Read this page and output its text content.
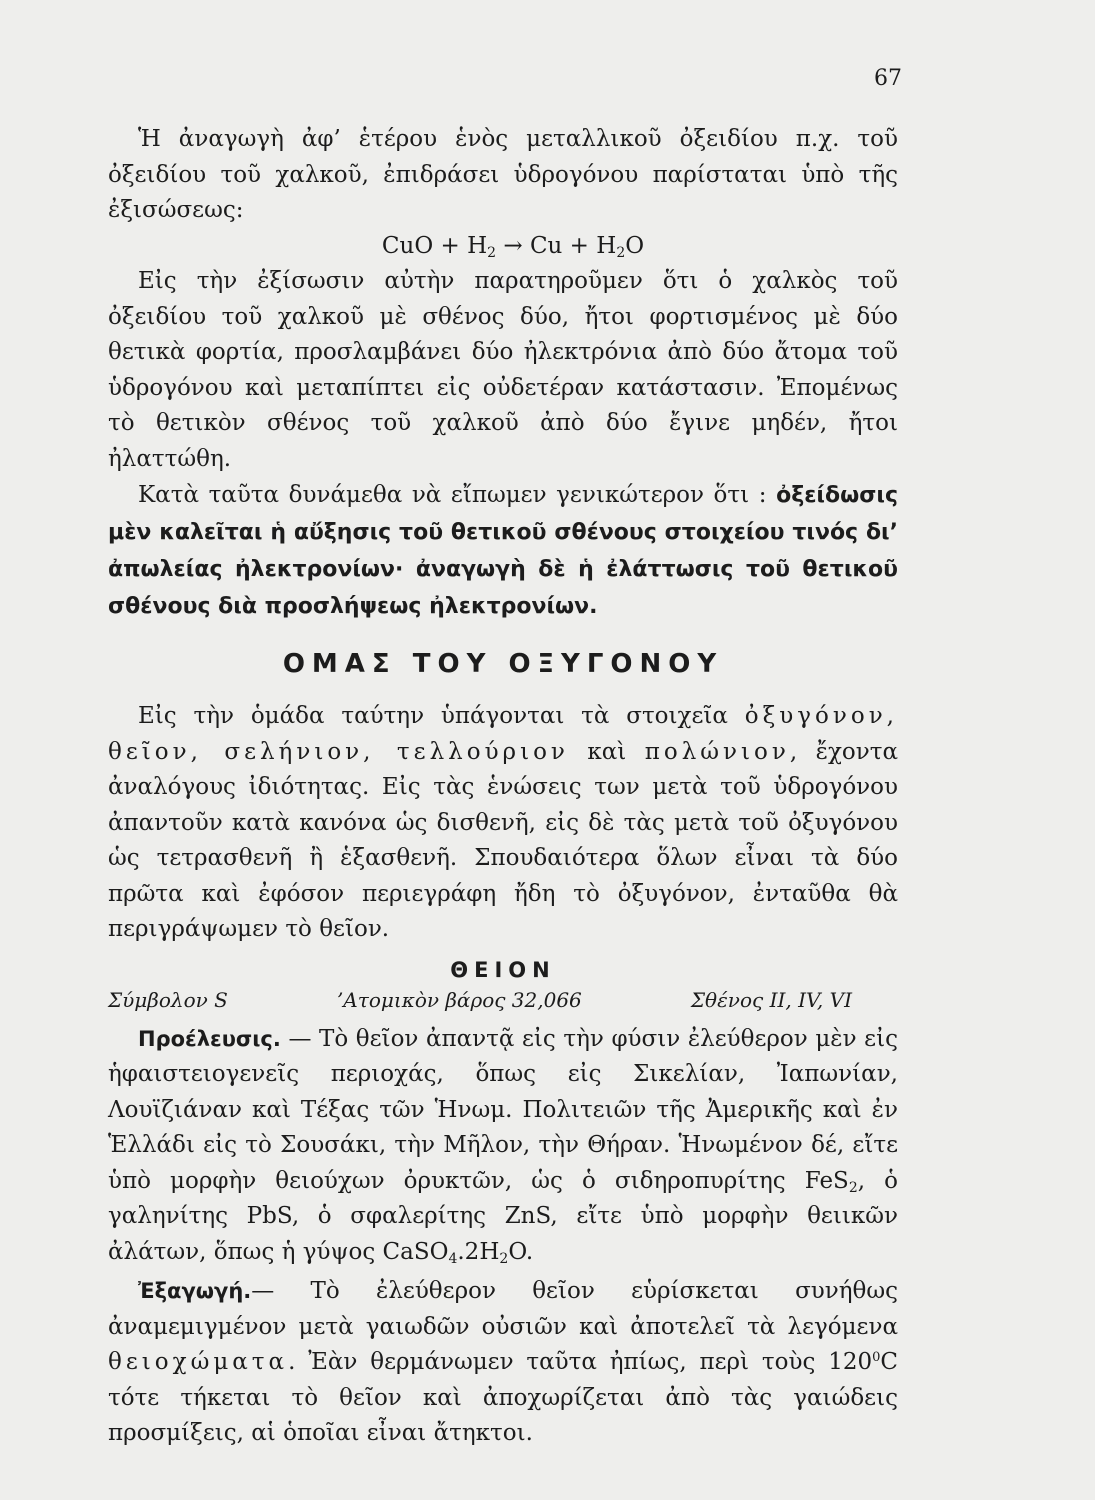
67

Ἡ ἀναγωγὴ ἀφ’ ἑτέρου ἑνὸς μεταλλικοῦ ὀξειδίου π.χ. τοῦ ὀξειδίου τοῦ χαλκοῦ, ἐπιδράσει ὑδρογόνου παρίσταται ὑπὸ τῆς ἐξισώσεως:

CuO + $H_2 \to Cu + H_2O$

Εἰς τὴν ἐξίσωσιν αὐτὴν παρατηροῦμεν ὅτι ὁ χαλκὸς τοῦ ὀξειδίου τοῦ χαλκοῦ μὲ σθένος δύο, ἤτοι φορτισμένος μὲ δύο θετικὰ φορτία, προσλαμβάνει δύο ἠλεκτρόνια ἀπὸ δύο ἄτομα τοῦ ὑδρογόνου καὶ μεταπίπτει εἰς οὐδετέραν κατάστασιν. Ἐπομένως τὸ θετικὸν σθένος τοῦ χαλκοῦ ἀπὸ δύο ἔγινε μηδέν, ἤτοι ἠλαττώθη.

Κατὰ ταῦτα δυνάμεθα νὰ εἴπωμεν γενικώτερον ὅτι : ὀξείδωσις μὲν καλεῖται ἡ αὔξησις τοῦ θετικοῦ σθένους στοιχείου τινός δι’ ἀπωλείας ἠλεκτρονίων· ἀναγωγὴ δὲ ἡ ἐλάττωσις τοῦ θετικοῦ σθένους διὰ προσλήψεως ἠλεκτρονίων.

ΟΜΑΣ ΤΟΥ ΟΞΥΓΟΝΟΥ

Εἰς τὴν ὁμάδα ταύτην ὑπάγονται τὰ στοιχεῖα ὀξυγόνον, θεῖον, σελήνιον, τελλούριον καὶ πολώνιον, ἔχοντα ἀναλόγους ἰδιότητας. Εἰς τὰς ἑνώσεις των μετὰ τοῦ ὑδρογόνου ἀπαντοῦν κατὰ κανόνα ὡς δισθενῆ, εἰς δὲ τὰς μετὰ τοῦ ὀξυγόνου ὡς τετρασθενῆ ἢ ἑξασθενῆ. Σπουδαιότερα ὅλων εἶναι τὰ δύο πρῶτα καὶ ἐφόσον περιεγράφη ἤδη τὸ ὀξυγόνον, ἐνταῦθα θὰ περιγράψωμεν τὸ θεῖον.

ΘΕΙΟΝ
Σύμβολον S	’Ατομικὸν βάρος 32,066	Σθένος II, IV, VI

Προέλευσις. — Τὸ θεῖον ἀπαντᾷ εἰς τὴν φύσιν ἐλεύθερον μὲν εἰς ἡφαιστειογενεῖς περιοχάς, ὅπως εἰς Σικελίαν, Ἰαπωνίαν, Λουϊζιάναν καὶ Τέξας τῶν Ἡνωμ. Πολιτειῶν τῆς Ἀμερικῆς καὶ ἐν Ἑλλάδι εἰς τὸ Σουσάκι, τὴν Μῆλον, τὴν Θήραν. Ἡνωμένον δέ, εἴτε ὑπὸ μορφὴν θειούχων ὀρυκτῶν, ὡς ὁ σιδηροπυρίτης FeS$_2$, ὁ γαληνίτης PbS, ὁ σφαλερίτης ZnS, εἴτε ὑπὸ μορφὴν θειικῶν ἀλάτων, ὅπως ἡ γύψος $CaSO_4.2H_2O$.

Ἐξαγωγή.— Τὸ ἐλεύθερον θεῖον εὑρίσκεται συνήθως ἀναμεμιγμένον μετὰ γαιωδῶν οὐσιῶν καὶ ἀποτελεῖ τὰ λεγόμενα θειοχώματα. Ἐὰν θερμάνωμεν ταῦτα ἠπίως, περὶ τοὺς $120^0C$ τότε τήκεται τὸ θεῖον καὶ ἀποχωρίζεται ἀπὸ τὰς γαιώδεις προσμίξεις, αἱ ὁποῖαι εἶναι ἄτηκτοι.
